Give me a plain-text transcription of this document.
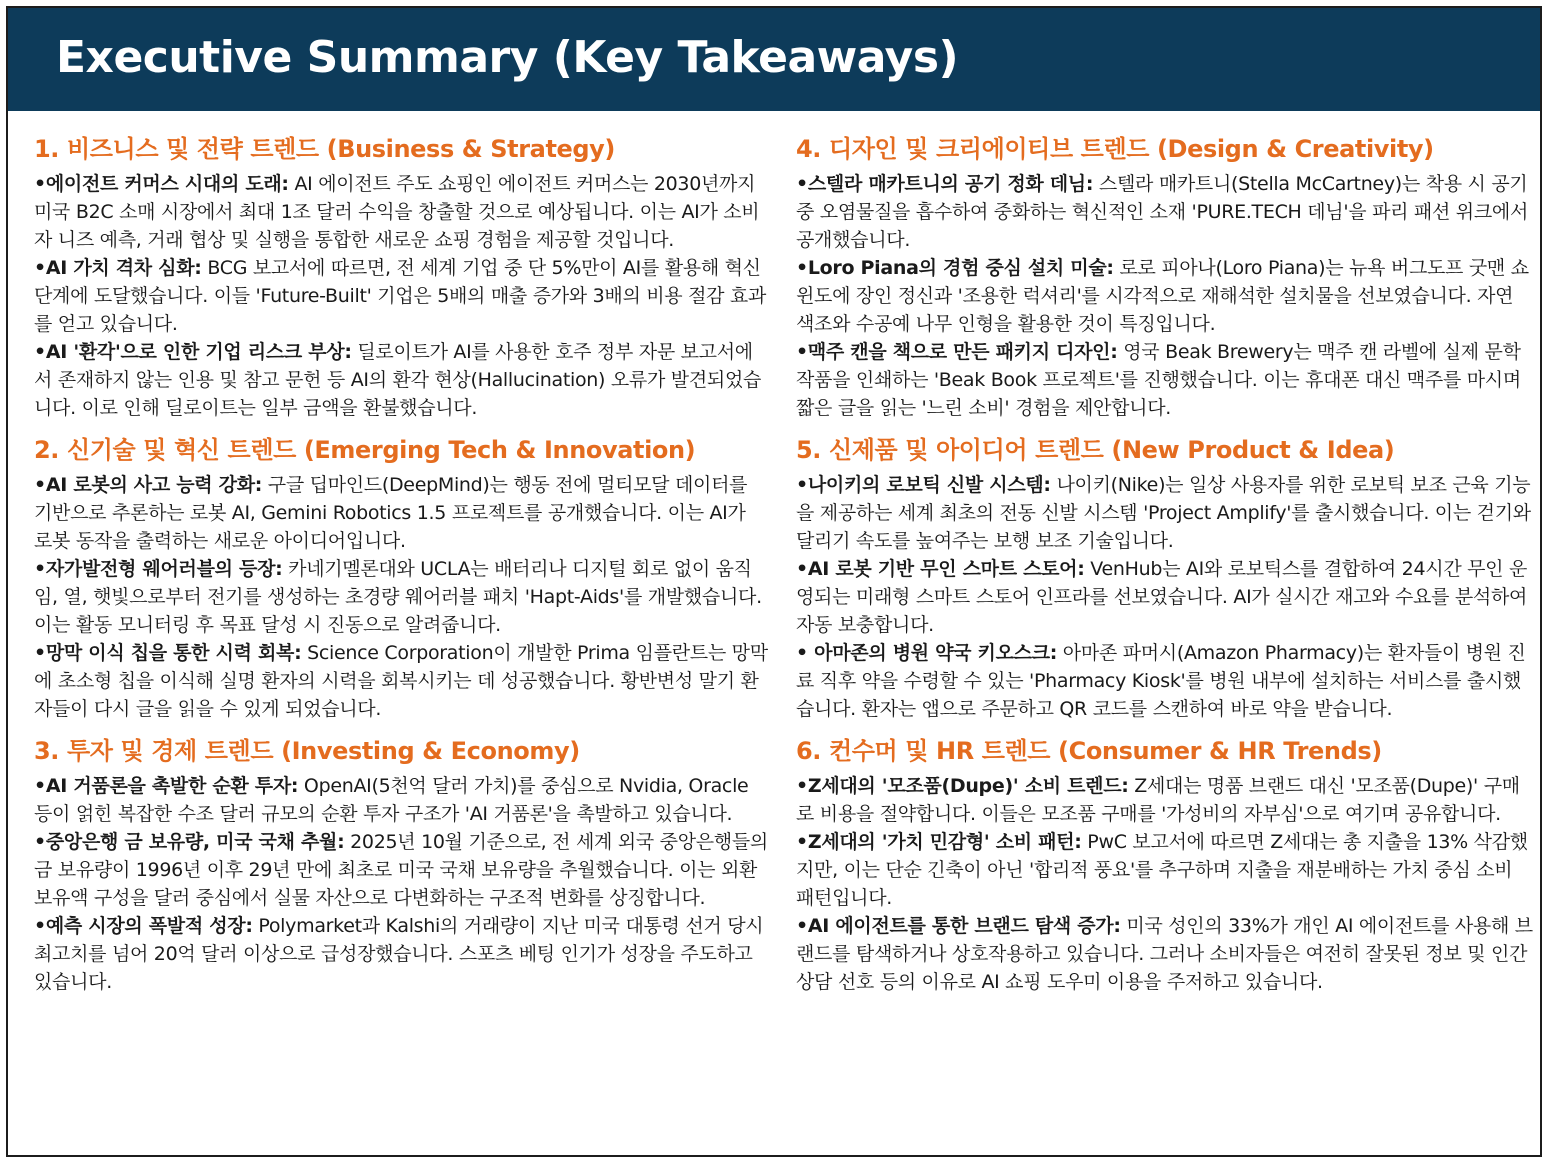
Executive Summary (Key Takeaways)
1. 비즈니스 및 전략 트렌드 (Business & Strategy)

•에이전트 커머스 시대의 도래: AI 에이전트 주도 쇼핑인 에이전트 커머스는 2030년까지 미국 B2C 소매 시장에서 최대 1조 달러 수익을 창출할 것으로 예상됩니다. 이는 AI가 소비자 니즈 예측, 거래 협상 및 실행을 통합한 새로운 쇼핑 경험을 제공할 것입니다.

•AI 가치 격차 심화: BCG 보고서에 따르면, 전 세계 기업 중 단 5%만이 AI를 활용해 혁신 단계에 도달했습니다. 이들 'Future-Built' 기업은 5배의 매출 증가와 3배의 비용 절감 효과를 얻고 있습니다.

•AI '환각'으로 인한 기업 리스크 부상: 딜로이트가 AI를 사용한 호주 정부 자문 보고서에서 존재하지 않는 인용 및 참고 문헌 등 AI의 환각 현상(Hallucination) 오류가 발견되었습니다. 이로 인해 딜로이트는 일부 금액을 환불했습니다.

2. 신기술 및 혁신 트렌드 (Emerging Tech & Innovation)

•AI 로봇의 사고 능력 강화: 구글 딥마인드(DeepMind)는 행동 전에 멀티모달 데이터를 기반으로 추론하는 로봇 AI, Gemini Robotics 1.5 프로젝트를 공개했습니다. 이는 AI가 로봇 동작을 출력하는 새로운 아이디어입니다.

•자가발전형 웨어러블의 등장: 카네기멜론대와 UCLA는 배터리나 디지털 회로 없이 움직임, 열, 햇빛으로부터 전기를 생성하는 초경량 웨어러블 패치 'Hapt-Aids'를 개발했습니다. 이는 활동 모니터링 후 목표 달성 시 진동으로 알려줍니다.

•망막 이식 칩을 통한 시력 회복: Science Corporation이 개발한 Prima 임플란트는 망막에 초소형 칩을 이식해 실명 환자의 시력을 회복시키는 데 성공했습니다. 황반변성 말기 환자들이 다시 글을 읽을 수 있게 되었습니다.

3. 투자 및 경제 트렌드 (Investing & Economy)

•AI 거품론을 촉발한 순환 투자: OpenAI(5천억 달러 가치)를 중심으로 Nvidia, Oracle 등이 얽힌 복잡한 수조 달러 규모의 순환 투자 구조가 'AI 거품론'을 촉발하고 있습니다.

•중앙은행 금 보유량, 미국 국채 추월: 2025년 10월 기준으로, 전 세계 외국 중앙은행들의 금 보유량이 1996년 이후 29년 만에 최초로 미국 국채 보유량을 추월했습니다. 이는 외환보유액 구성을 달러 중심에서 실물 자산으로 다변화하는 구조적 변화를 상징합니다.

•예측 시장의 폭발적 성장: Polymarket과 Kalshi의 거래량이 지난 미국 대통령 선거 당시 최고치를 넘어 20억 달러 이상으로 급성장했습니다. 스포츠 베팅 인기가 성장을 주도하고 있습니다.

4. 디자인 및 크리에이티브 트렌드 (Design & Creativity)

•스텔라 매카트니의 공기 정화 데님: 스텔라 매카트니(Stella McCartney)는 착용 시 공기 중 오염물질을 흡수하여 중화하는 혁신적인 소재 'PURE.TECH 데님'을 파리 패션 위크에서 공개했습니다.

•Loro Piana의 경험 중심 설치 미술: 로로 피아나(Loro Piana)는 뉴욕 버그도프 굿맨 쇼윈도에 장인 정신과 '조용한 럭셔리'를 시각적으로 재해석한 설치물을 선보였습니다. 자연 색조와 수공예 나무 인형을 활용한 것이 특징입니다.

•맥주 캔을 책으로 만든 패키지 디자인: 영국 Beak Brewery는 맥주 캔 라벨에 실제 문학 작품을 인쇄하는 'Beak Book 프로젝트'를 진행했습니다. 이는 휴대폰 대신 맥주를 마시며 짧은 글을 읽는 '느린 소비' 경험을 제안합니다.

5. 신제품 및 아이디어 트렌드 (New Product & Idea)

•나이키의 로보틱 신발 시스템: 나이키(Nike)는 일상 사용자를 위한 로보틱 보조 근육 기능을 제공하는 세계 최초의 전동 신발 시스템 'Project Amplify'를 출시했습니다. 이는 걷기와 달리기 속도를 높여주는 보행 보조 기술입니다.

•AI 로봇 기반 무인 스마트 스토어: VenHub는 AI와 로보틱스를 결합하여 24시간 무인 운영되는 미래형 스마트 스토어 인프라를 선보였습니다. AI가 실시간 재고와 수요를 분석하여 자동 보충합니다.

• 아마존의 병원 약국 키오스크: 아마존 파머시(Amazon Pharmacy)는 환자들이 병원 진료 직후 약을 수령할 수 있는 'Pharmacy Kiosk'를 병원 내부에 설치하는 서비스를 출시했습니다. 환자는 앱으로 주문하고 QR 코드를 스캔하여 바로 약을 받습니다.

6. 컨수머 및 HR 트렌드 (Consumer & HR Trends)

•Z세대의 '모조품(Dupe)' 소비 트렌드: Z세대는 명품 브랜드 대신 '모조품(Dupe)' 구매로 비용을 절약합니다. 이들은 모조품 구매를 '가성비의 자부심'으로 여기며 공유합니다.

•Z세대의 '가치 민감형' 소비 패턴: PwC 보고서에 따르면 Z세대는 총 지출을 13% 삭감했지만, 이는 단순 긴축이 아닌 '합리적 풍요'를 추구하며 지출을 재분배하는 가치 중심 소비 패턴입니다.

•AI 에이전트를 통한 브랜드 탐색 증가: 미국 성인의 33%가 개인 AI 에이전트를 사용해 브랜드를 탐색하거나 상호작용하고 있습니다. 그러나 소비자들은 여전히 잘못된 정보 및 인간 상담 선호 등의 이유로 AI 쇼핑 도우미 이용을 주저하고 있습니다.
